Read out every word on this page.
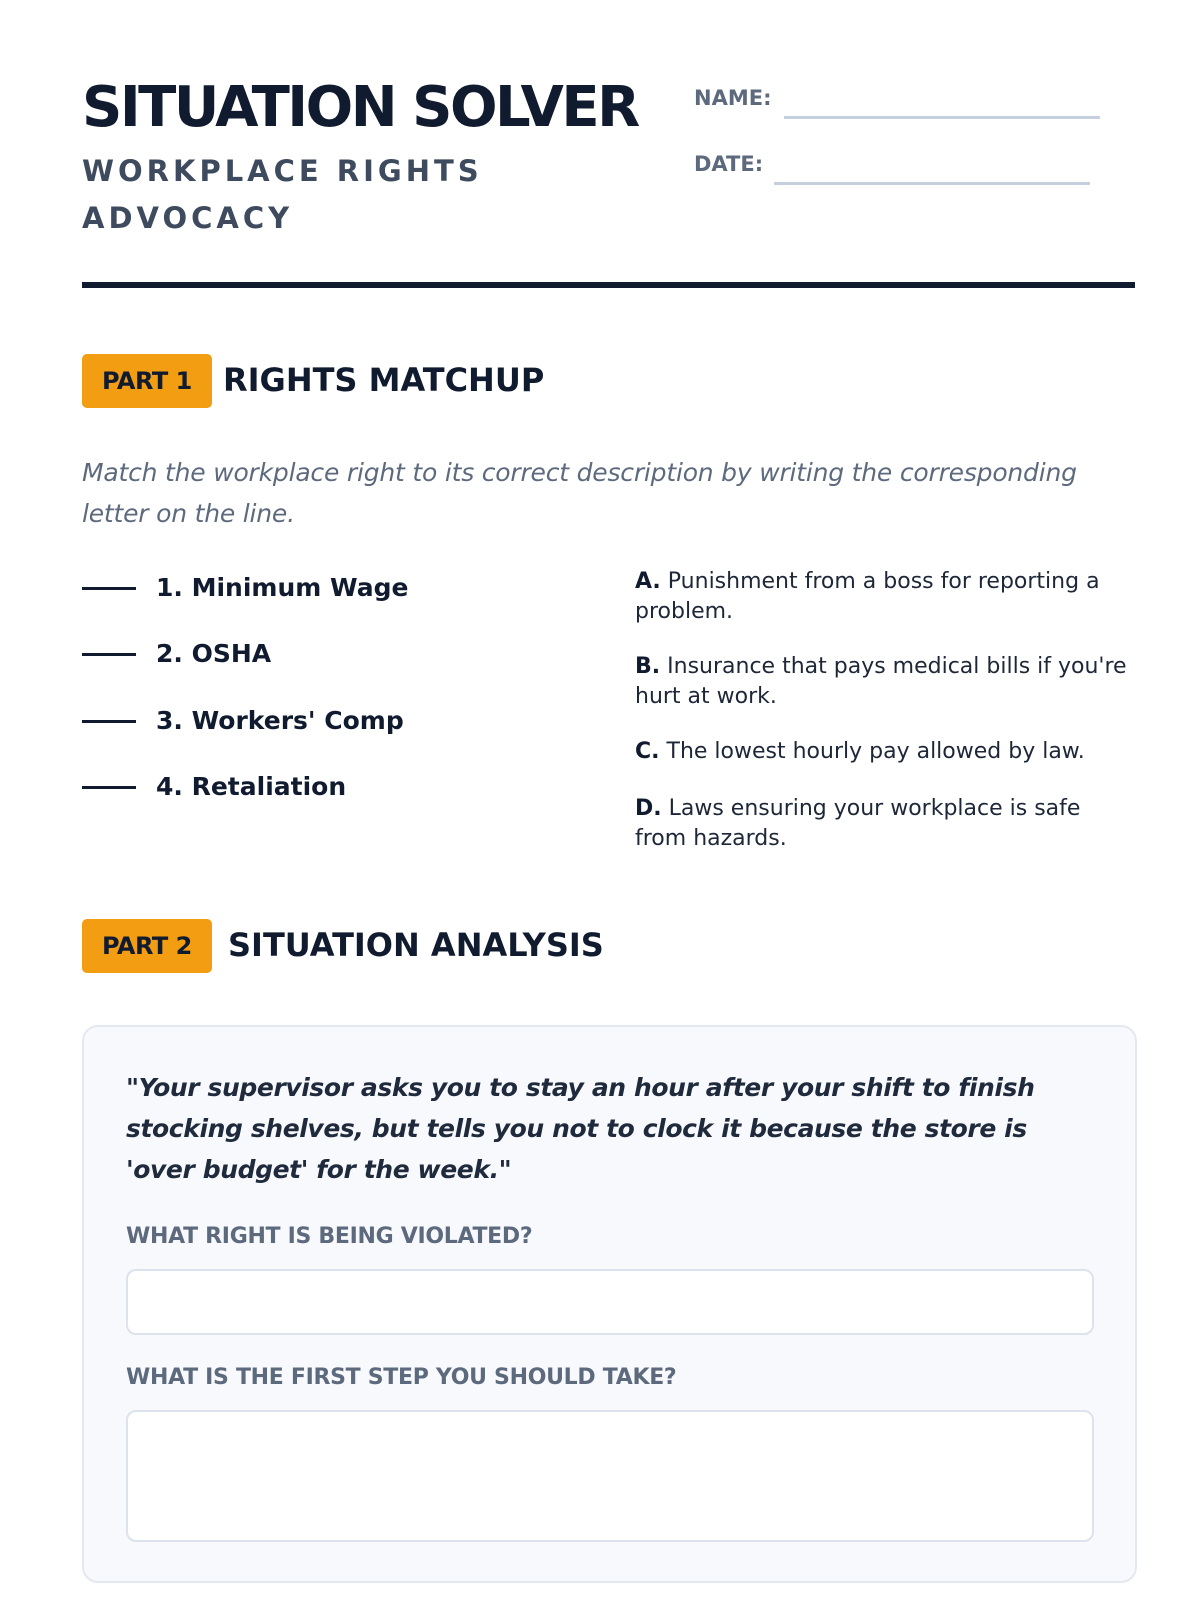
SITUATION SOLVER
WORKPLACE RIGHTS ADVOCACY
NAME:
DATE:
PART 1 RIGHTS MATCHUP
Match the workplace right to its correct description by writing the corresponding letter on the line.
1. Minimum Wage
2. OSHA
3. Workers' Comp
4. Retaliation
A. Punishment from a boss for reporting a problem.
B. Insurance that pays medical bills if you're hurt at work.
C. The lowest hourly pay allowed by law.
D. Laws ensuring your workplace is safe from hazards.
PART 2	SITUATION ANALYSIS
"Your supervisor asks you to stay an hour after your shift to finish stocking shelves, but tells you not to clock it because the store is 'over budget' for the week."
WHAT RIGHT IS BEING VIOLATED?
WHAT IS THE FIRST STEP YOU SHOULD TAKE?
